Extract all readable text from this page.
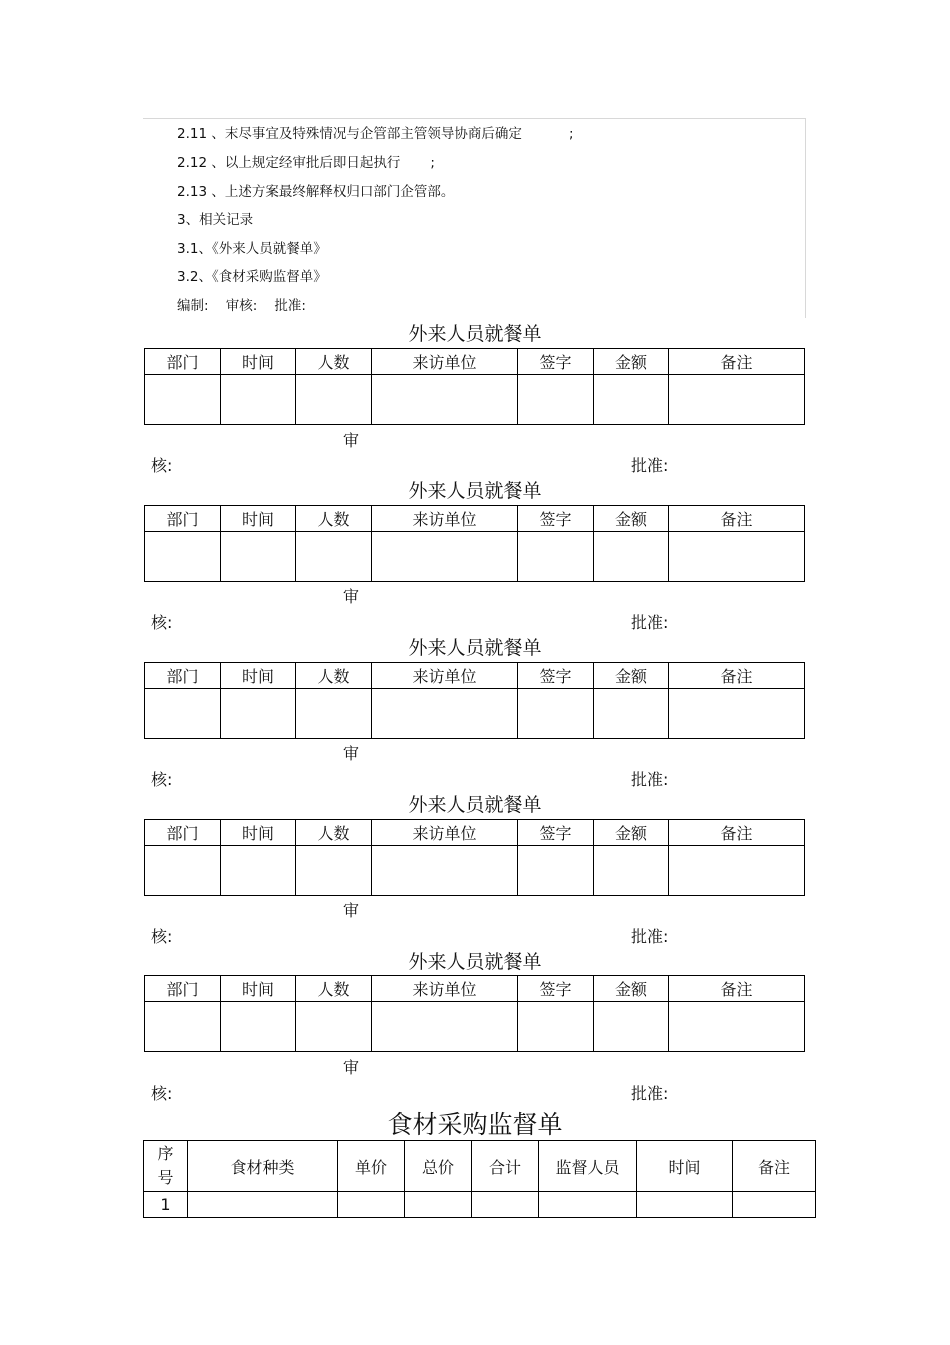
2.11 、末尽事宜及特殊情况与企管部主管领导协商后确定           ;
2.12 、以上规定经审批后即日起执行       ;
2.13 、上述方案最终解释权归口部门企管部。
3、相关记录
3.1、《外来人员就餐单》
3.2、《食材采购监督单》
编制:    审核:    批准:
外来人员就餐单
部门	时间	人数	来访单位	签字	金额	备注

审
核:	批准:
外来人员就餐单
部门	时间	人数	来访单位	签字	金额	备注

审
核:	批准:
外来人员就餐单
部门	时间	人数	来访单位	签字	金额	备注

审
核:	批准:
外来人员就餐单
部门	时间	人数	来访单位	签字	金额	备注

审
核:	批准:
外来人员就餐单
部门	时间	人数	来访单位	签字	金额	备注

审
核:	批准:
食材采购监督单
序号	食材种类	单价	总价	合计	监督人员	时间	备注
1							
